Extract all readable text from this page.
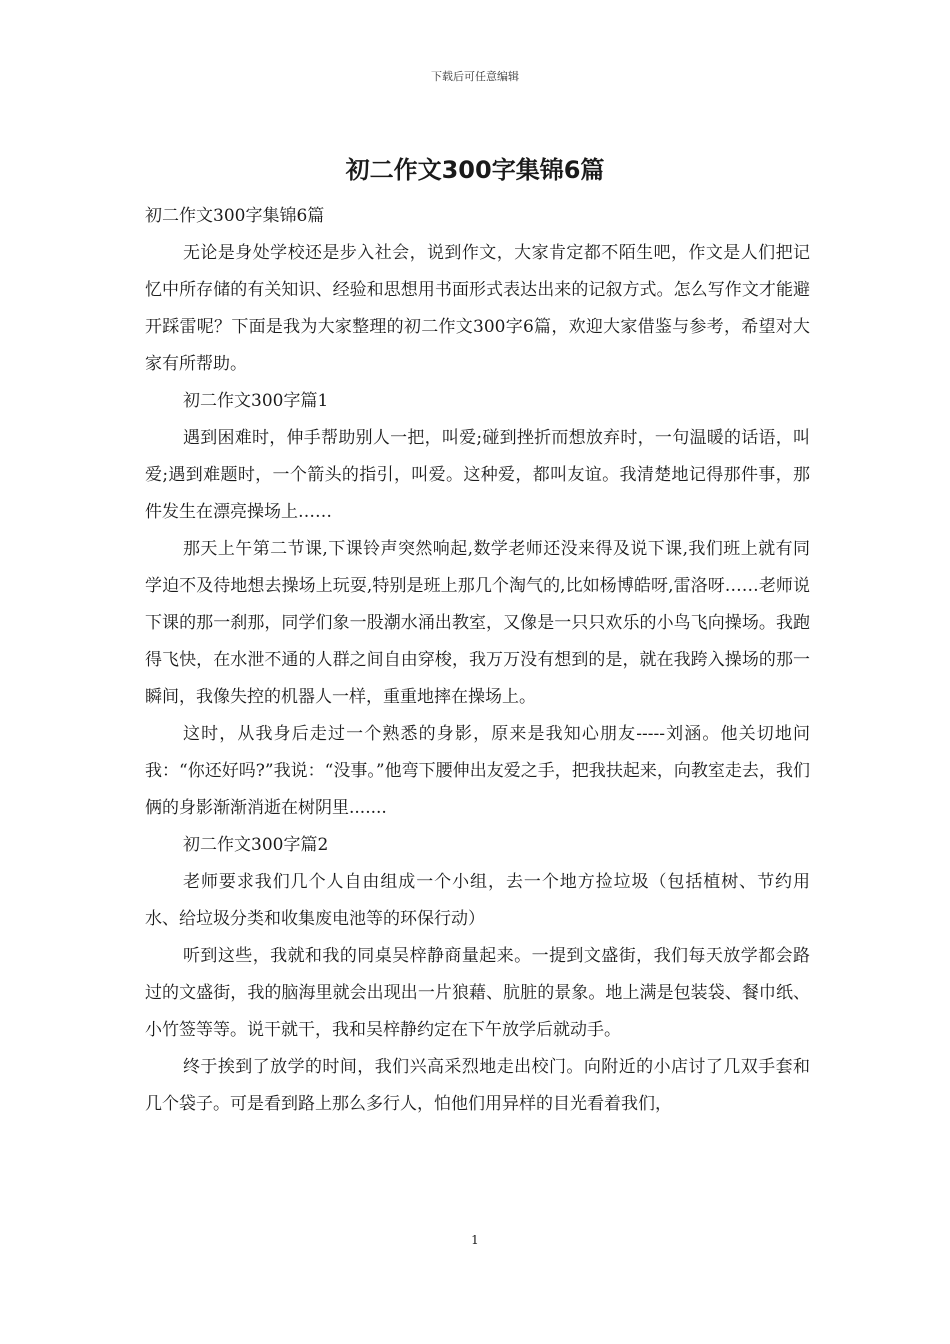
下载后可任意编辑
初二作文300字集锦6篇

初二作文300字集锦6篇

无论是身处学校还是步入社会，说到作文，大家肯定都不陌生吧，作文是人们把记忆中所存储的有关知识、经验和思想用书面形式表达出来的记叙方式。怎么写作文才能避开踩雷呢？下面是我为大家整理的初二作文300字6篇，欢迎大家借鉴与参考，希望对大家有所帮助。

初二作文300字篇1

遇到困难时，伸手帮助别人一把，叫爱;碰到挫折而想放弃时，一句温暖的话语，叫爱;遇到难题时，一个箭头的指引，叫爱。这种爱，都叫友谊。我清楚地记得那件事，那件发生在漂亮操场上……

那天上午第二节课,下课铃声突然响起,数学老师还没来得及说下课,我们班上就有同学迫不及待地想去操场上玩耍,特别是班上那几个淘气的,比如杨博皓呀,雷洛呀……老师说下课的那一刹那，同学们象一股潮水涌出教室，又像是一只只欢乐的小鸟飞向操场。我跑得飞快，在水泄不通的人群之间自由穿梭，我万万没有想到的是，就在我跨入操场的那一瞬间，我像失控的机器人一样，重重地摔在操场上。

这时，从我身后走过一个熟悉的身影，原来是我知心朋友-----刘涵。他关切地问我：“你还好吗?”我说：“没事。”他弯下腰伸出友爱之手，把我扶起来，向教室走去，我们俩的身影渐渐消逝在树阴里.......

初二作文300字篇2

老师要求我们几个人自由组成一个小组，去一个地方捡垃圾（包括植树、节约用水、给垃圾分类和收集废电池等的环保行动）

听到这些，我就和我的同桌吴梓静商量起来。一提到文盛街，我们每天放学都会路过的文盛街，我的脑海里就会出现出一片狼藉、肮脏的景象。地上满是包装袋、餐巾纸、小竹签等等。说干就干，我和吴梓静约定在下午放学后就动手。

终于挨到了放学的时间，我们兴高采烈地走出校门。向附近的小店讨了几双手套和几个袋子。可是看到路上那么多行人，怕他们用异样的目光看着我们，

1
